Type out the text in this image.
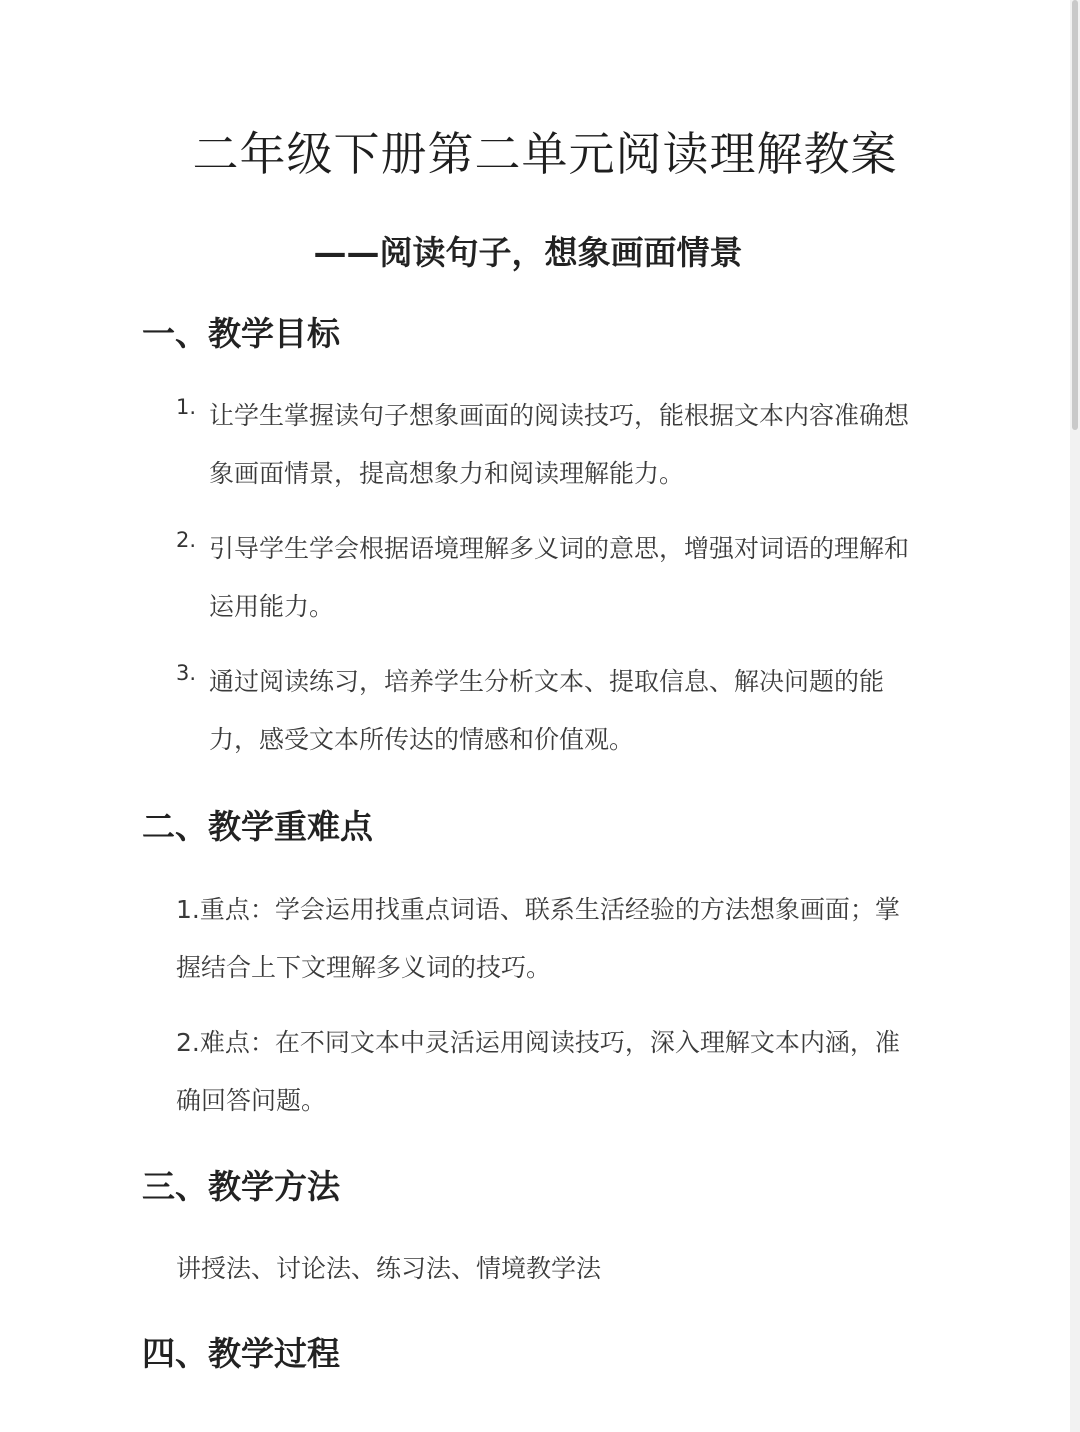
二年级下册第二单元阅读理解教案
——阅读句子，想象画面情景
一、教学目标
1. 让学生掌握读句子想象画面的阅读技巧，能根据文本内容准确想象画面情景，提高想象力和阅读理解能力。
2. 引导学生学会根据语境理解多义词的意思，增强对词语的理解和运用能力。
3. 通过阅读练习，培养学生分析文本、提取信息、解决问题的能力，感受文本所传达的情感和价值观。
二、教学重难点

1.重点：学会运用找重点词语、联系生活经验的方法想象画面；掌握结合上下文理解多义词的技巧。

2.难点：在不同文本中灵活运用阅读技巧，深入理解文本内涵，准确回答问题。

三、教学方法

讲授法、讨论法、练习法、情境教学法

四、教学过程
